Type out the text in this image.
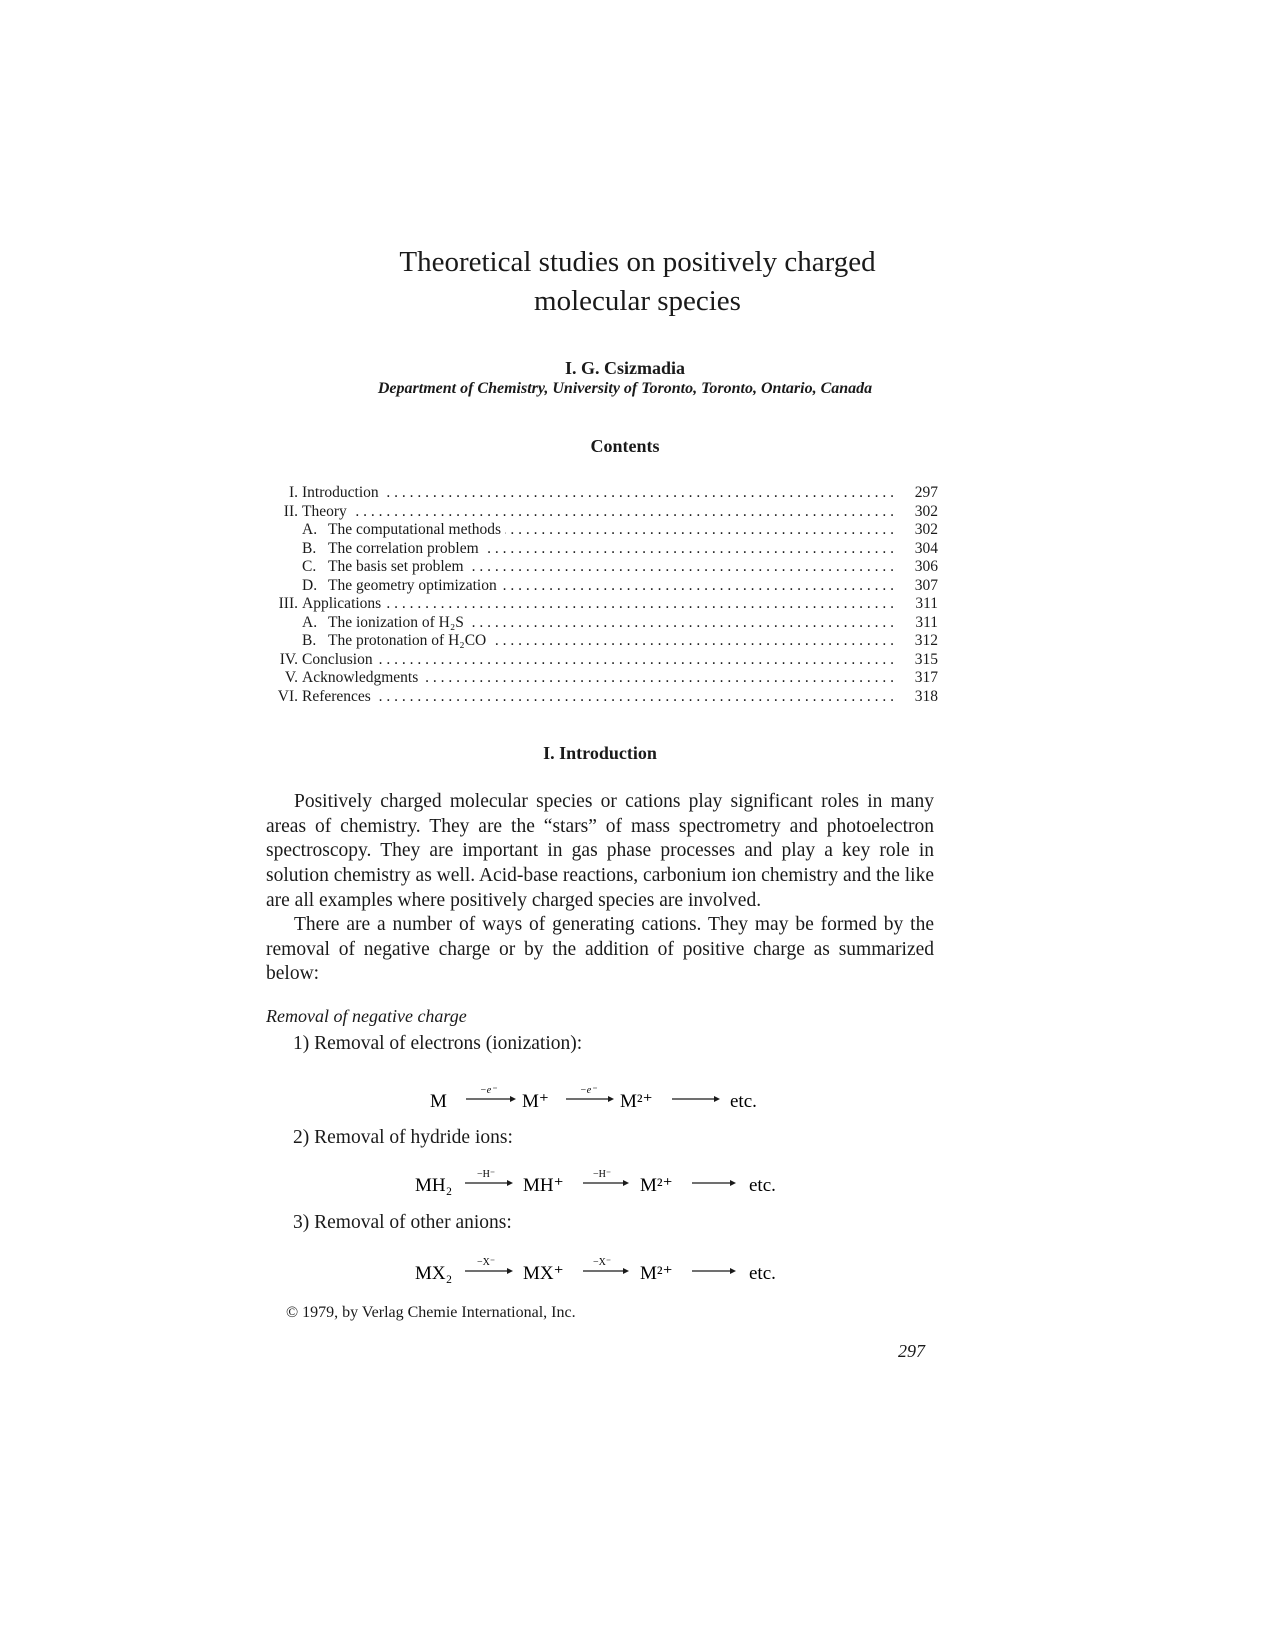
Theoretical studies on positively charged
molecular species
I. G. Csizmadia
Department of Chemistry, University of Toronto, Toronto, Ontario, Canada
Contents
I. Introduction . . .	297
II. Theory . . .	302
A. The computational methods . . .	302
B. The correlation problem . . .	304
C. The basis set problem . . .	306
D. The geometry optimization . . .	307
III. Applications . . .	311
A. The ionization of H₂S . . .	311
B. The protonation of H₂CO . . .	312
IV. Conclusion . . .	315
V. Acknowledgments . . .	317
VI. References . . .	318
I. Introduction

Positively charged molecular species or cations play significant roles in many areas of chemistry. They are the “stars” of mass spectrometry and photoelectron spectroscopy. They are important in gas phase processes and play a key role in solution chemistry as well. Acid-base reactions, carbonium ion chemistry and the like are all examples where positively charged species are involved.

There are a number of ways of generating cations. They may be formed by the removal of negative charge or by the addition of positive charge as summarized below:

Removal of negative charge
1) Removal of electrons (ionization):
M
−e⁻
M⁺
−e⁻
M²⁺	etc.
2) Removal of hydride ions:
MH₂
−H⁻
MH⁺
−H⁻
M²⁺	etc.
3) Removal of other anions:
MX₂
−X⁻
MX⁺
−X⁻
M²⁺	etc.
© 1979, by Verlag Chemie International, Inc.
297
